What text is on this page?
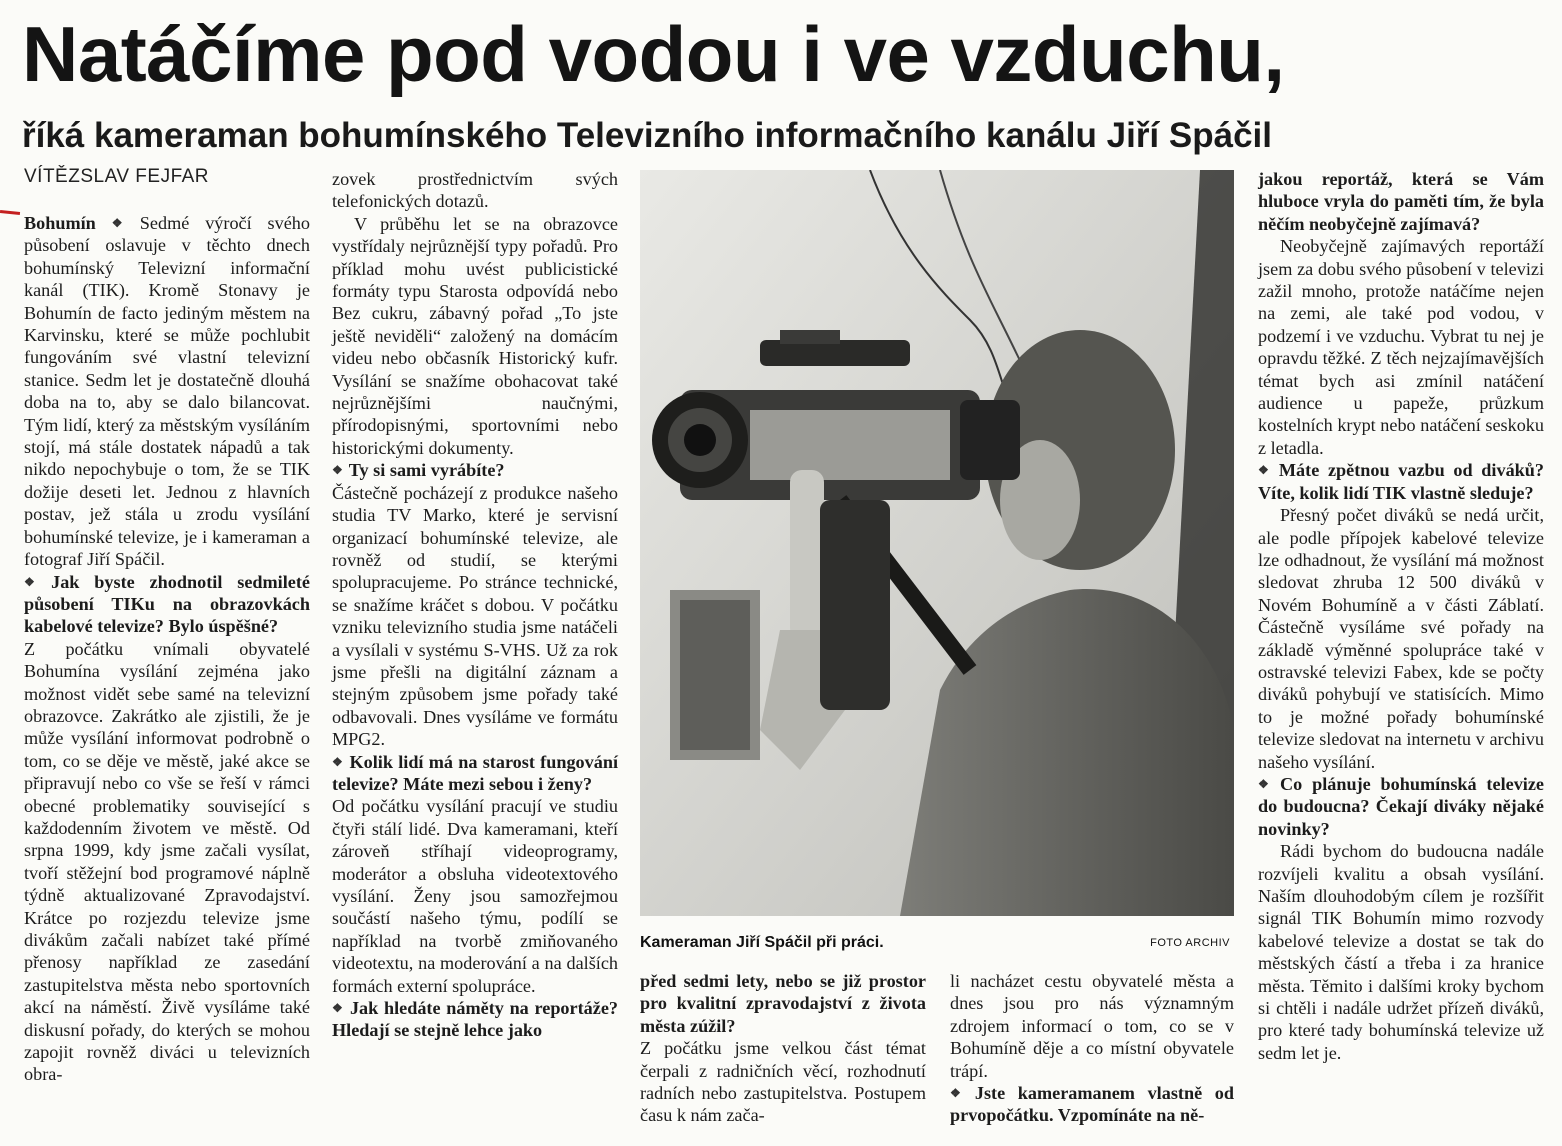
Natáčíme pod vodou i ve vzduchu,
říká kameraman bohumínského Televizního informačního kanálu Jiří Spáčil
VÍTĚZSLAV FEJFAR

Bohumín ❖ Sedmé výročí svého působení oslavuje v těchto dnech bohumínský Televizní informační kanál (TIK). Kromě Stonavy je Bohumín de facto jediným městem na Karvinsku, které se může pochlubit fungováním své vlastní televizní stanice. Sedm let je dostatečně dlouhá doba na to, aby se dalo bilancovat. Tým lidí, který za městským vysíláním stojí, má stále dostatek nápadů a tak nikdo nepochybuje o tom, že se TIK dožije deseti let. Jednou z hlavních postav, jež stála u zrodu vysílání bohumínské televize, je i kameraman a fotograf Jiří Spáčil.

❖ Jak byste zhodnotil sedmileté působení TIKu na obrazovkách kabelové televize? Bylo úspěšné?

Z počátku vnímali obyvatelé Bohumína vysílání zejména jako možnost vidět sebe samé na televizní obrazovce. Zakrátko ale zjistili, že je může vysílání informovat podrobně o tom, co se děje ve městě, jaké akce se připravují nebo co vše se řeší v rámci obecné problematiky související s každodenním životem ve městě. Od srpna 1999, kdy jsme začali vysílat, tvoří stěžejní bod programové náplně týdně aktualizované Zpravodajství. Krátce po rozjezdu televize jsme divákům začali nabízet také přímé přenosy například ze zasedání zastupitelstva města nebo sportovních akcí na náměstí. Živě vysíláme také diskusní pořady, do kterých se mohou zapojit rovněž diváci u televizních obra-

zovek prostřednictvím svých telefonických dotazů.

V průběhu let se na obrazovce vystřídaly nejrůznější typy pořadů. Pro příklad mohu uvést publicistické formáty typu Starosta odpovídá nebo Bez cukru, zábavný pořad „To jste ještě neviděli“ založený na domácím videu nebo občasník Historický kufr. Vysílání se snažíme obohacovat také nejrůznějšími naučnými, přírodopisnými, sportovními nebo historickými dokumenty.

❖ Ty si sami vyrábíte?

Částečně pocházejí z produkce našeho studia TV Marko, které je servisní organizací bohumínské televize, ale rovněž od studií, se kterými spolupracujeme. Po stránce technické, se snažíme kráčet s dobou. V počátku vzniku televizního studia jsme natáčeli a vysílali v systému S-VHS. Už za rok jsme přešli na digitální záznam a stejným způsobem jsme pořady také odbavovali. Dnes vysíláme ve formátu MPG2.

❖ Kolik lidí má na starost fungování televize? Máte mezi sebou i ženy?

Od počátku vysílání pracují ve studiu čtyři stálí lidé. Dva kameramani, kteří zároveň stříhají videoprogramy, moderátor a obsluha videotextového vysílání. Ženy jsou samozřejmou součástí našeho týmu, podílí se například na tvorbě zmiňovaného videotextu, na moderování a na dalších formách externí spolupráce.

❖ Jak hledáte náměty na reportáže? Hledají se stejně lehce jako

Kameraman Jiří Spáčil při práci.	FOTO ARCHIV

před sedmi lety, nebo se již prostor pro kvalitní zpravodajství z života města zúžil?

Z počátku jsme velkou část témat čerpali z radničních věcí, rozhodnutí radních nebo zastupitelstva. Postupem času k nám zača-

li nacházet cestu obyvatelé města a dnes jsou pro nás významným zdrojem informací o tom, co se v Bohumíně děje a co místní obyvatele trápí.

❖ Jste kameramanem vlastně od prvopočátku. Vzpomínáte na ně-

jakou reportáž, která se Vám hluboce vryla do paměti tím, že byla něčím neobyčejně zajímavá?

Neobyčejně zajímavých reportáží jsem za dobu svého působení v televizi zažil mnoho, protože natáčíme nejen na zemi, ale také pod vodou, v podzemí i ve vzduchu. Vybrat tu nej je opravdu těžké. Z těch nejzajímavějších témat bych asi zmínil natáčení audience u papeže, průzkum kostelních krypt nebo natáčení seskoku z letadla.

❖ Máte zpětnou vazbu od diváků? Víte, kolik lidí TIK vlastně sleduje?

Přesný počet diváků se nedá určit, ale podle přípojek kabelové televize lze odhadnout, že vysílání má možnost sledovat zhruba 12 500 diváků v Novém Bohumíně a v části Záblatí. Částečně vysíláme své pořady na základě výměnné spolupráce také v ostravské televizi Fabex, kde se počty diváků pohybují ve statisících. Mimo to je možné pořady bohumínské televize sledovat na internetu v archivu našeho vysílání.

❖ Co plánuje bohumínská televize do budoucna? Čekají diváky nějaké novinky?

Rádi bychom do budoucna nadále rozvíjeli kvalitu a obsah vysílání. Naším dlouhodobým cílem je rozšířit signál TIK Bohumín mimo rozvody kabelové televize a dostat se tak do městských částí a třeba i za hranice města. Těmito i dalšími kroky bychom si chtěli i nadále udržet přízeň diváků, pro které tady bohumínská televize už sedm let je.
